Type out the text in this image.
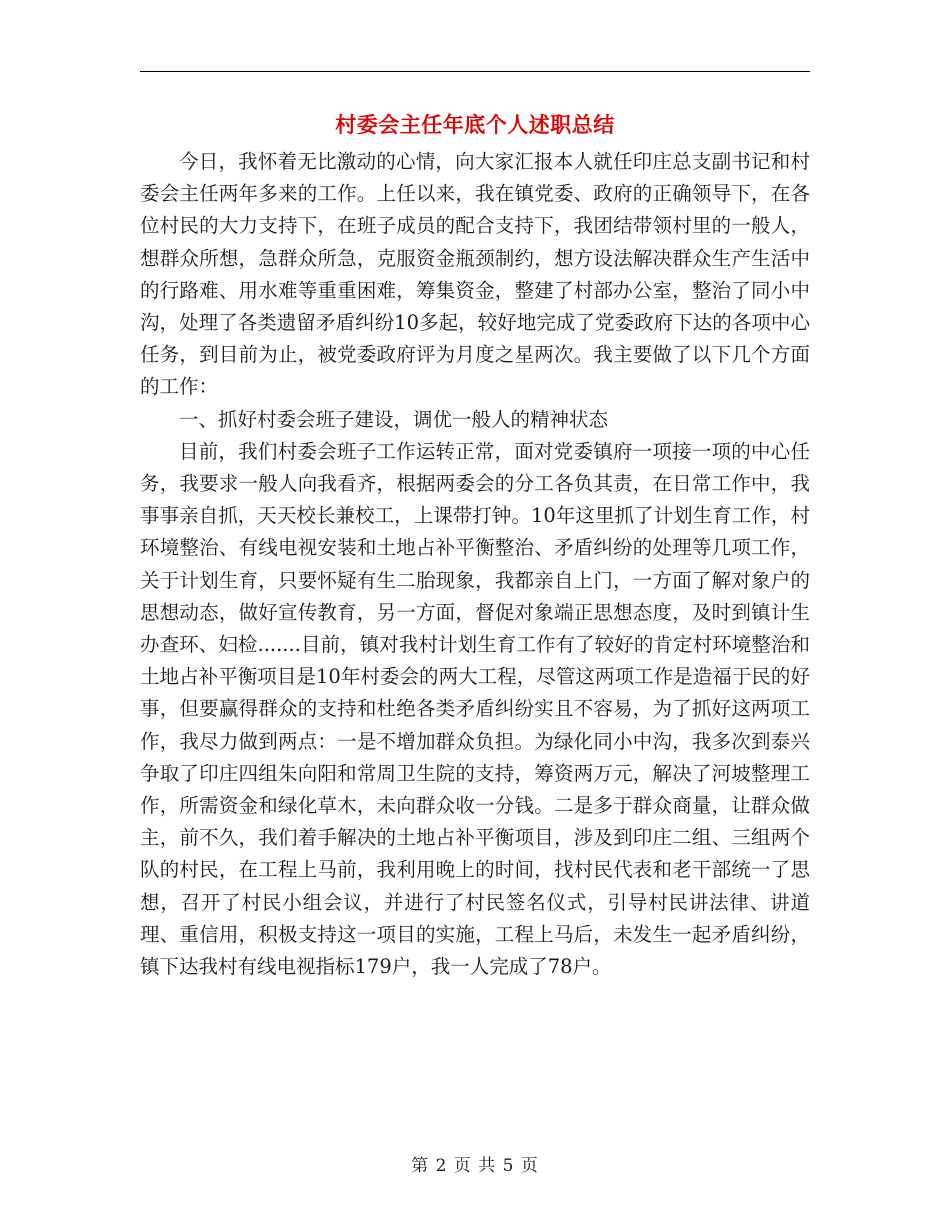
村委会主任年底个人述职总结

今日，我怀着无比激动的心情，向大家汇报本人就任印庄总支副书记和村委会主任两年多来的工作。上任以来，我在镇党委、政府的正确领导下，在各位村民的大力支持下，在班子成员的配合支持下，我团结带领村里的一般人，想群众所想，急群众所急，克服资金瓶颈制约，想方设法解决群众生产生活中的行路难、用水难等重重困难，筹集资金，整建了村部办公室，整治了同小中沟，处理了各类遗留矛盾纠纷10多起，较好地完成了党委政府下达的各项中心任务，到目前为止，被党委政府评为月度之星两次。我主要做了以下几个方面的工作：

一、抓好村委会班子建设，调优一般人的精神状态

目前，我们村委会班子工作运转正常，面对党委镇府一项接一项的中心任务，我要求一般人向我看齐，根据两委会的分工各负其责，在日常工作中，我事事亲自抓，天天校长兼校工，上课带打钟。10年这里抓了计划生育工作，村环境整治、有线电视安装和土地占补平衡整治、矛盾纠纷的处理等几项工作，关于计划生育，只要怀疑有生二胎现象，我都亲自上门，一方面了解对象户的思想动态，做好宣传教育，另一方面，督促对象端正思想态度，及时到镇计生办查环、妇检.......目前，镇对我村计划生育工作有了较好的肯定村环境整治和土地占补平衡项目是10年村委会的两大工程，尽管这两项工作是造福于民的好事，但要赢得群众的支持和杜绝各类矛盾纠纷实且不容易，为了抓好这两项工作，我尽力做到两点：一是不增加群众负担。为绿化同小中沟，我多次到泰兴争取了印庄四组朱向阳和常周卫生院的支持，筹资两万元，解决了河坡整理工作，所需资金和绿化草木，未向群众收一分钱。二是多于群众商量，让群众做主，前不久，我们着手解决的土地占补平衡项目，涉及到印庄二组、三组两个队的村民，在工程上马前，我利用晚上的时间，找村民代表和老干部统一了思想，召开了村民小组会议，并进行了村民签名仪式，引导村民讲法律、讲道理、重信用，积极支持这一项目的实施，工程上马后，未发生一起矛盾纠纷，镇下达我村有线电视指标179户，我一人完成了78户。

第 2 页 共 5 页
